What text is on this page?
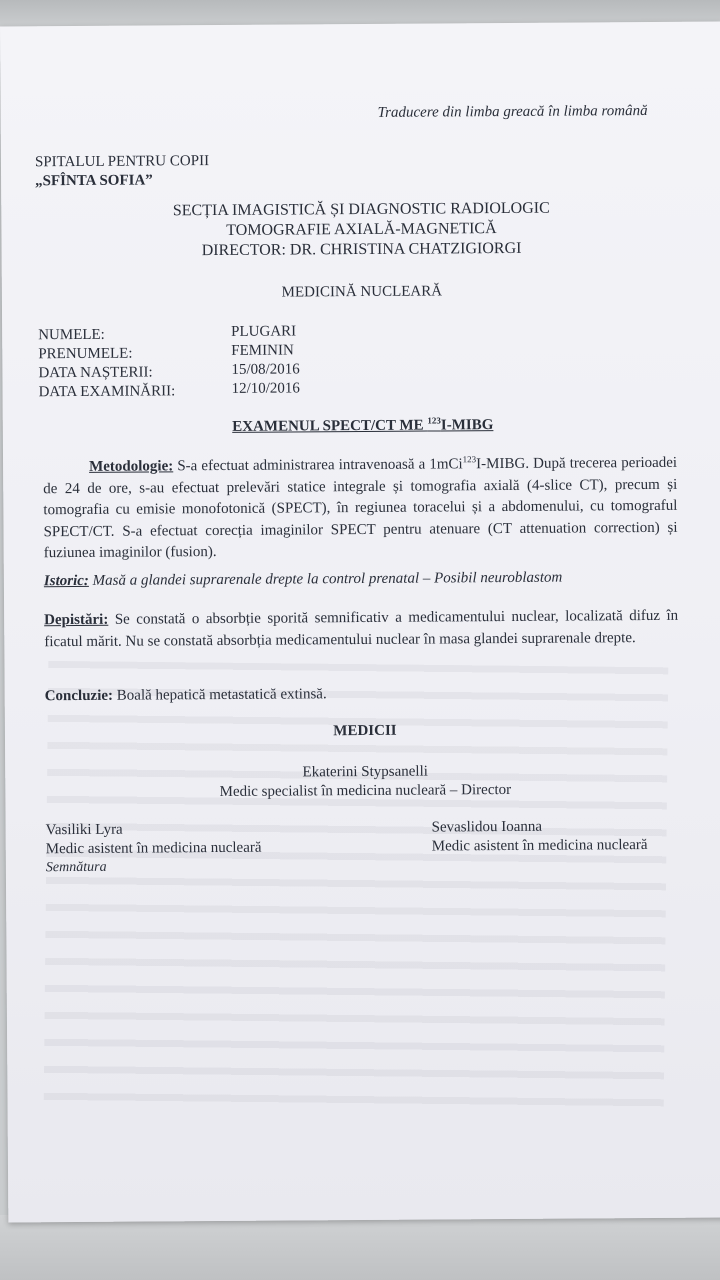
Traducere din limba greacă în limba română
SPITALUL PENTRU COPII
„SFÎNTA SOFIA”
SECȚIA IMAGISTICĂ ȘI DIAGNOSTIC RADIOLOGIC
TOMOGRAFIE AXIALĂ-MAGNETICĂ
DIRECTOR: DR. CHRISTINA CHATZIGIORGI
MEDICINĂ NUCLEARĂ
NUMELE:	PLUGARI
PRENUMELE:	FEMININ
DATA NAȘTERII:	15/08/2016
DATA EXAMINĂRII:	12/10/2016
EXAMENUL SPECT/CT ME $^{123}$I-MIBG
Metodologie: S-a efectuat administrarea intravenoasă a 1mCi$^{123}$I-MIBG. După trecerea perioadei de 24 de ore, s-au efectuat prelevări statice integrale și tomografia axială (4-slice CT), precum și tomografia cu emisie monofotonică (SPECT), în regiunea toracelui și a abdomenului, cu tomograful SPECT/CT. S-a efectuat corecția imaginilor SPECT pentru atenuare (CT attenuation correction) și fuziunea imaginilor (fusion).
Istoric: Masă a glandei suprarenale drepte la control prenatal – Posibil neuroblastom
Depistări: Se constată o absorbție sporită semnificativ a medicamentului nuclear, localizată difuz în ficatul mărit. Nu se constată absorbția medicamentului nuclear în masa glandei suprarenale drepte.
Concluzie: Boală hepatică metastatică extinsă.
MEDICII
Ekaterini Stypsanelli
Medic specialist în medicina nucleară – Director
Vasiliki Lyra
Medic asistent în medicina nucleară
Semnătura
Sevaslidou Ioanna
Medic asistent în medicina nucleară
